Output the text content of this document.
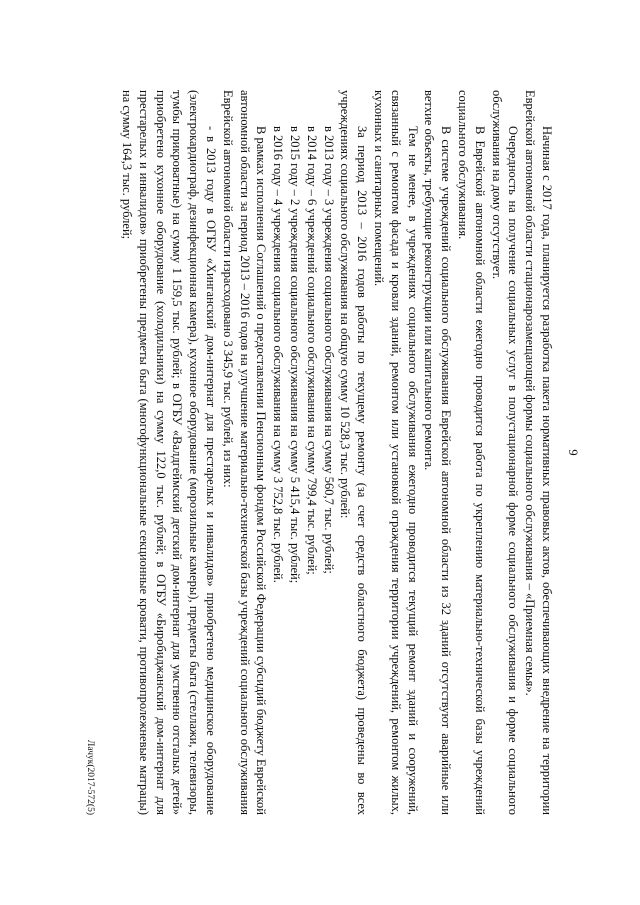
9

Начиная с 2017 года, планируется разработка пакета нормативных правовых актов, обеспечивающих внедрение на территории Еврейской автономной области стационарозамещающей формы социального обслуживания – «Приемная семья».

Очередность на получение социальных услуг в полустационарной форме социального обслуживания и форме социального обслуживания на дому отсутствует.

В Еврейской автономной области ежегодно проводится работа по укреплению материально-технической базы учреждений социального обслуживания.

В системе учреждений социального обслуживания Еврейской автономной области из 32 зданий отсутствуют аварийные или ветхие объекты, требующие реконструкции или капитального ремонта.

Тем не менее, в учреждениях социального обслуживания ежегодно проводится текущий ремонт зданий и сооружений, связанный с ремонтом фасада и кровли зданий, ремонтом или установкой ограждения территории учреждений, ремонтом жилых, кухонных и санитарных помещений.

За период 2013 – 2016 годов работы по текущему ремонту (за счет средств областного бюджета) проведены во всех учреждениях социального обслуживания на общую сумму 10 528,3 тыс. рублей:

в 2013 году – 3 учреждения социального обслуживания на сумму 560,7 тыс. рублей;

в 2014 году – 6 учреждений социального обслуживания на сумму 799,4 тыс. рублей;

в 2015 году – 2 учреждения социального обслуживания на сумму 5 415,4 тыс. рублей;

в 2016 году – 4 учреждения социального обслуживания на сумму 3 752,8 тыс. рублей.

В рамках исполнения Соглашений о предоставлении Пенсионным фондом Российской Федерации субсидий бюджету Еврейской автономной области за период 2013 – 2016 годов на улучшение материально-технической базы учреждений социального обслуживания Еврейской автономной области израсходовано 3 345,9 тыс. рублей, из них:

- в 2013 году в ОГБУ «Хинганский дом-интернат для престарелых и инвалидов» приобретено медицинское оборудование (электрокардиограф, дезинфекционная камера), кухонное оборудование (морозильные камеры), предметы быта (стеллажи, телевизоры, тумбы прикроватные) на сумму 1 159,5 тыс. рублей; в ОГБУ «Валдгеймский детский дом-интернат для умственно отсталых детей» приобретено кухонное оборудование (холодильники) на сумму 122,0 тыс. рублей; в ОГБУ «Биробиджанский дом-интернат для престарелых и инвалидов» приобретены предметы быта (многофункциональные секционные кровати, противопролежневые матрацы) на сумму 164,3 тыс. рублей;

Лачук(2017-572(5)
